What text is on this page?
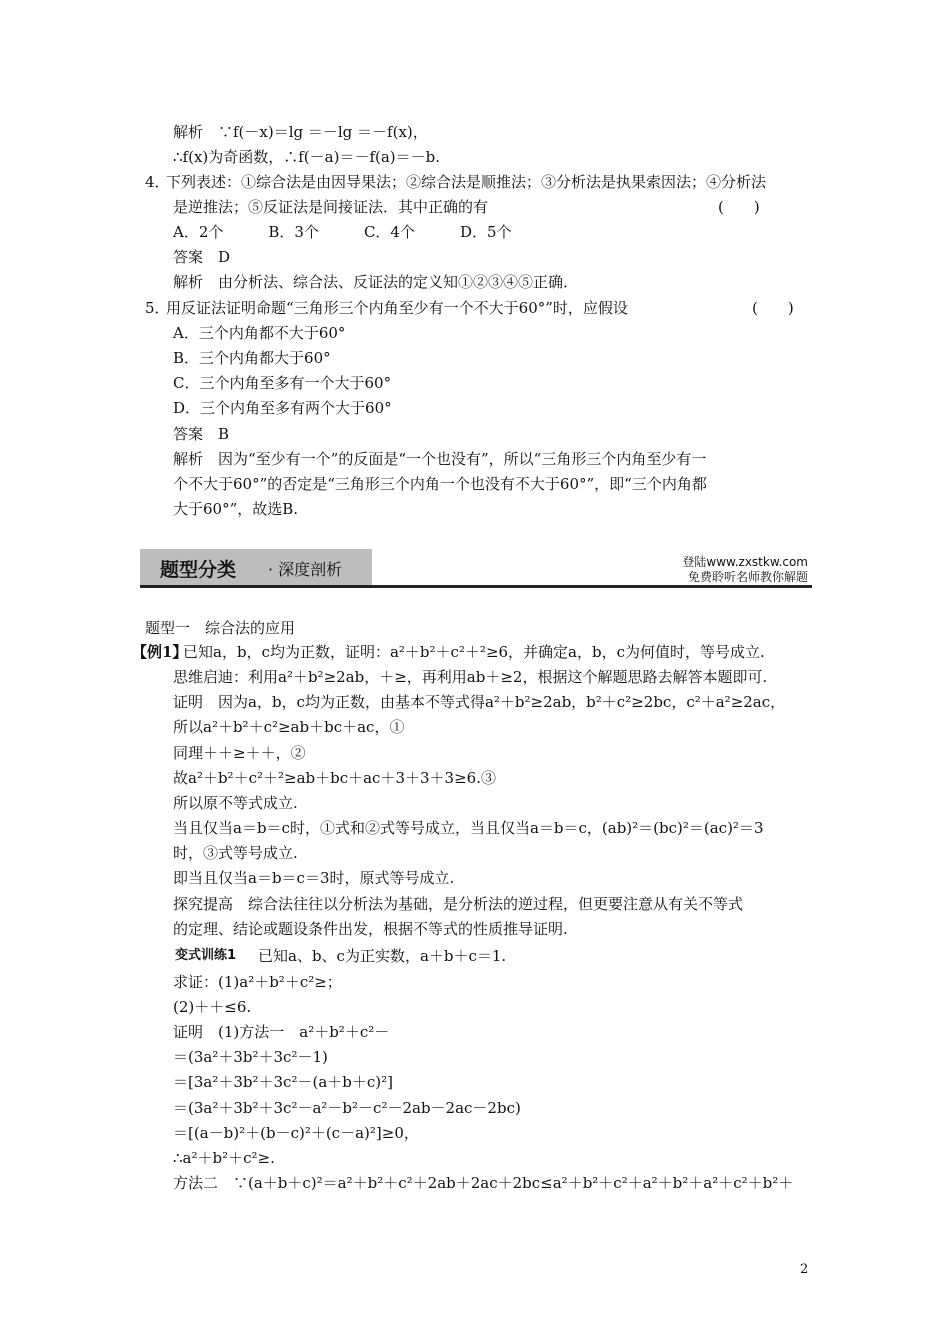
解析　∵f(－x)＝lg ＝－lg ＝－f(x)，
∴f(x)为奇函数，∴f(－a)＝－f(a)＝－b.
4．
下列表述：①综合法是由因导果法；②综合法是顺推法；③分析法是执果索因法；④分析法
是逆推法；⑤反证法是间接证法．其中正确的有	(　　)
A．2个　　　B．3个　　　C．4个　　　D．5个
答案　D
解析　由分析法、综合法、反证法的定义知①②③④⑤正确．
5．
用反证法证明命题“三角形三个内角至少有一个不大于60°”时，应假设	(　　)
A．三个内角都不大于60°
B．三个内角都大于60°
C．三个内角至多有一个大于60°
D．三个内角至多有两个大于60°
答案　B
解析　因为“至少有一个”的反面是“一个也没有”，所以“三角形三个内角至少有一
个不大于60°”的否定是“三角形三个内角一个也没有不大于60°”，即“三个内角都
大于60°”，故选B.
题型分类 · 深度剖析	登陆www.zxstkw.com
免费聆听名师教你解题
题型一　综合法的应用
【例1】
已知a，b，c均为正数，证明：a²＋b²＋c²＋²≥6，并确定a，b，c为何值时，等号成立.
思维启迪：利用a²＋b²≥2ab，＋≥，再利用ab＋≥2，根据这个解题思路去解答本题即可.
证明　因为a，b，c均为正数，由基本不等式得a²＋b²≥2ab，b²＋c²≥2bc，c²＋a²≥2ac，
所以a²＋b²＋c²≥ab＋bc＋ac，①
同理＋＋≥＋＋，②
故a²＋b²＋c²＋²≥ab＋bc＋ac＋3＋3＋3≥6.③
所以原不等式成立.
当且仅当a＝b＝c时，①式和②式等号成立，当且仅当a＝b＝c，(ab)²＝(bc)²＝(ac)²＝3
时，③式等号成立.
即当且仅当a＝b＝c＝3时，原式等号成立.
探究提高　综合法往往以分析法为基础，是分析法的逆过程，但更要注意从有关不等式
的定理、结论或题设条件出发，根据不等式的性质推导证明.
变式训练1 已知a、b、c为正实数，a＋b＋c＝1.
求证：(1)a²＋b²＋c²≥；
(2)＋＋≤6.
证明　(1)方法一　a²＋b²＋c²－
＝(3a²＋3b²＋3c²－1)
＝[3a²＋3b²＋3c²－(a＋b＋c)²]
＝(3a²＋3b²＋3c²－a²－b²－c²－2ab－2ac－2bc)
＝[(a－b)²＋(b－c)²＋(c－a)²]≥0，
∴a²＋b²＋c²≥.
方法二　∵(a＋b＋c)²＝a²＋b²＋c²＋2ab＋2ac＋2bc≤a²＋b²＋c²＋a²＋b²＋a²＋c²＋b²＋
2
